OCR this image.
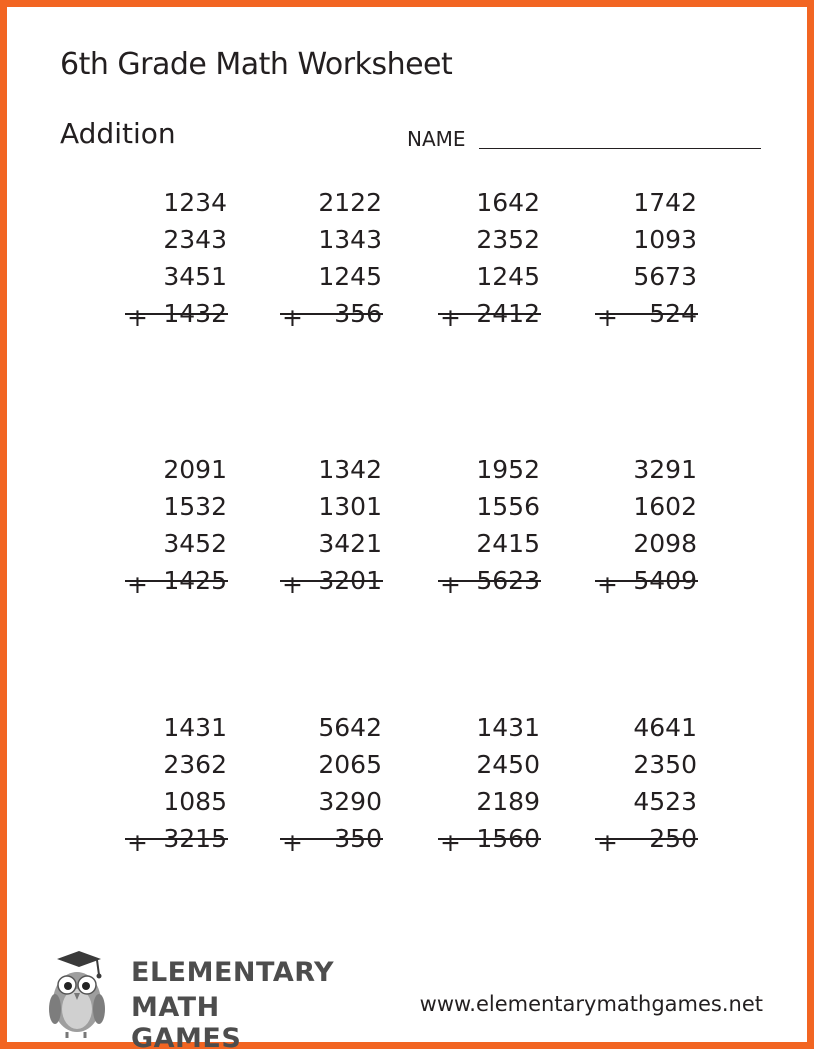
6th Grade Math Worksheet
Addition	NAME
1234
2343
3451
1432
+
2122
1343
1245
356
+
1642
2352
1245
2412
+
1742
1093
5673
524
+
2091
1532
3452
1425
+
1342
1301
3421
3201
+
1952
1556
2415
5623
+
3291
1602
2098
5409
+
1431
2362
1085
3215
+
5642
2065
3290
350
+
1431
2450
2189
1560
+
4641
2350
4523
250
+
ELEMENTARY
MATH GAMES
www.elementarymathgames.net
